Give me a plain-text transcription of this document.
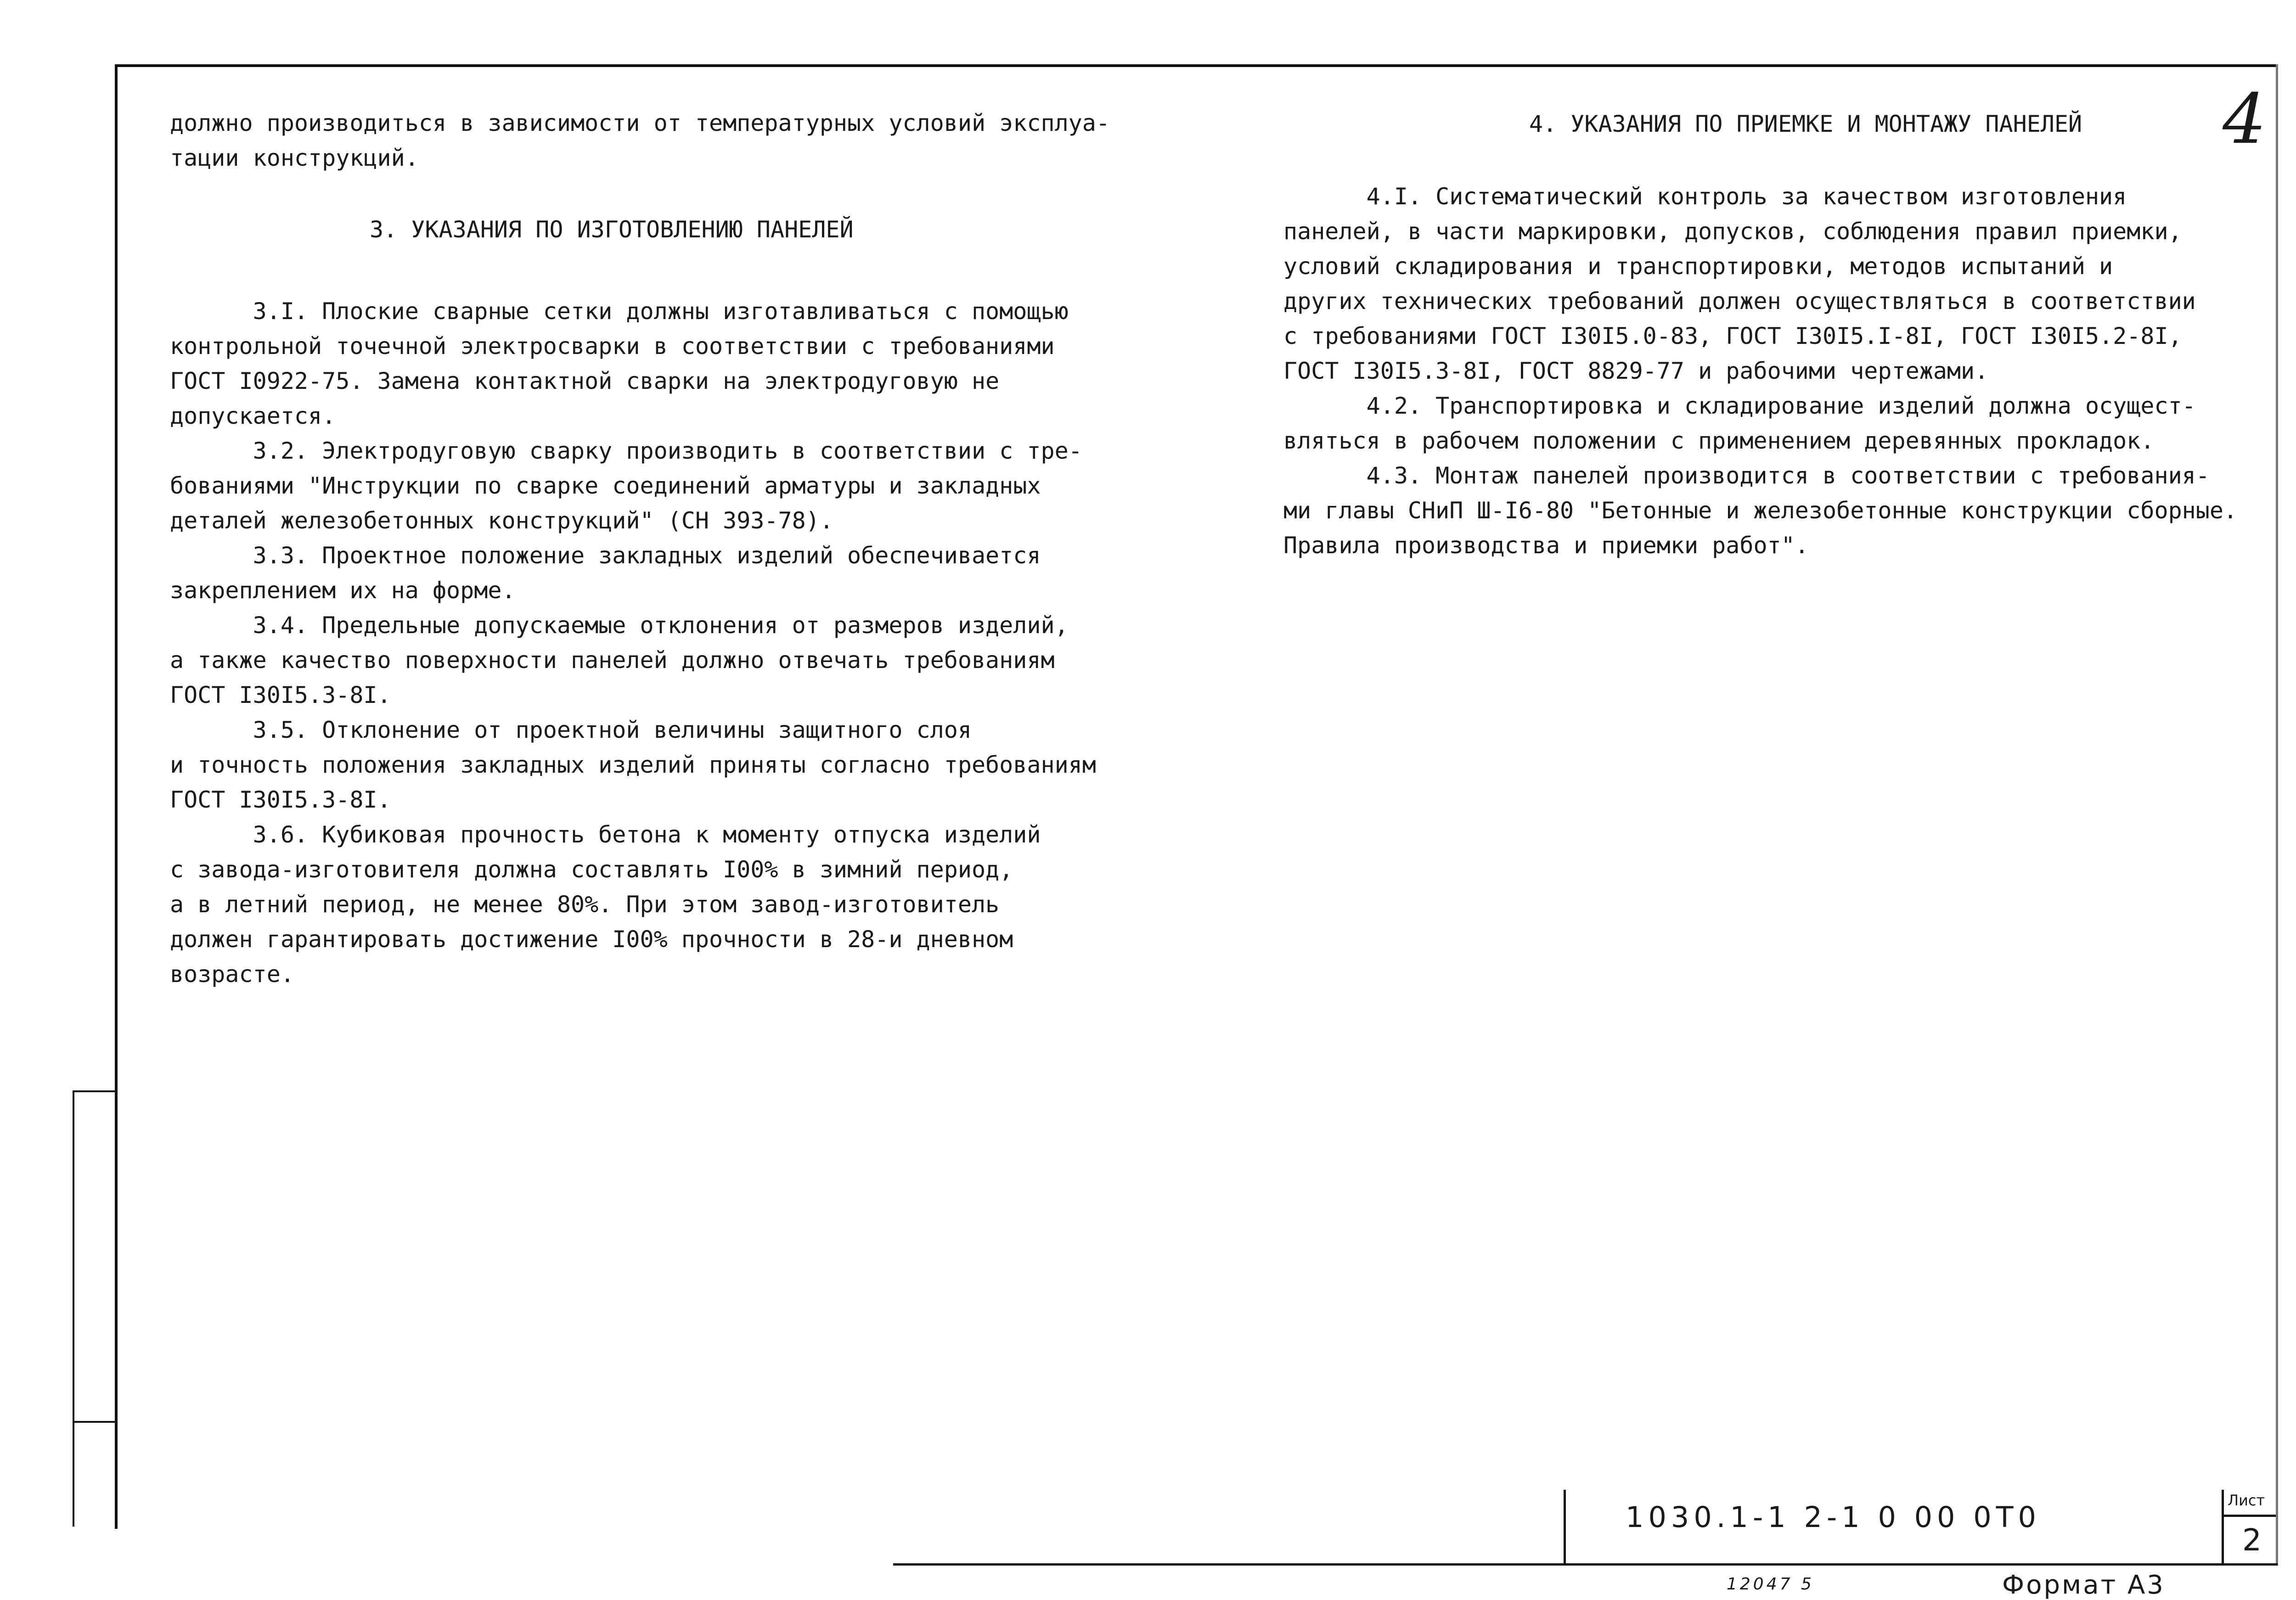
4

должно производиться в зависимости от температурных условий эксплуа-

тации конструкций.

3. УКАЗАНИЯ ПО ИЗГОТОВЛЕНИЮ ПАНЕЛЕЙ

3.I. Плоские сварные сетки должны изготавливаться с помощью

контрольной точечной электросварки в соответствии с требованиями

ГОСТ I0922-75. Замена контактной сварки на электродуговую не

допускается.

3.2. Электродуговую сварку производить в соответствии с тре-

бованиями "Инструкции по сварке соединений арматуры и закладных

деталей железобетонных конструкций" (СН 393-78).

3.3. Проектное положение закладных изделий обеспечивается

закреплением их на форме.

3.4. Предельные допускаемые отклонения от размеров изделий,

а также качество поверхности панелей должно отвечать требованиям

ГОСТ I30I5.3-8I.

3.5. Отклонение от проектной величины защитного слоя

и точность положения закладных изделий приняты согласно требованиям

ГОСТ I30I5.3-8I.

3.6. Кубиковая прочность бетона к моменту отпуска изделий

с завода-изготовителя должна составлять I00% в зимний период,

а в летний период, не менее 80%. При этом завод-изготовитель

должен гарантировать достижение I00% прочности в 28-и дневном

возрасте.

4. УКАЗАНИЯ ПО ПРИЕМКЕ И МОНТАЖУ ПАНЕЛЕЙ

4.I. Систематический контроль за качеством изготовления

панелей, в части маркировки, допусков, соблюдения правил приемки,

условий складирования и транспортировки, методов испытаний и

других технических требований должен осуществляться в соответствии

с требованиями ГОСТ I30I5.0-83, ГОСТ I30I5.I-8I, ГОСТ I30I5.2-8I,

ГОСТ I30I5.3-8I, ГОСТ 8829-77 и рабочими чертежами.

4.2. Транспортировка и складирование изделий должна осущест-

вляться в рабочем положении с применением деревянных прокладок.

4.3. Монтаж панелей производится в соответствии с требования-

ми главы СНиП Ш-I6-80 "Бетонные и железобетонные конструкции сборные.

Правила производства и приемки работ".

1030.1-1 2-1 0 00 0Т0	Лист
2
12047 5	Формат А3
